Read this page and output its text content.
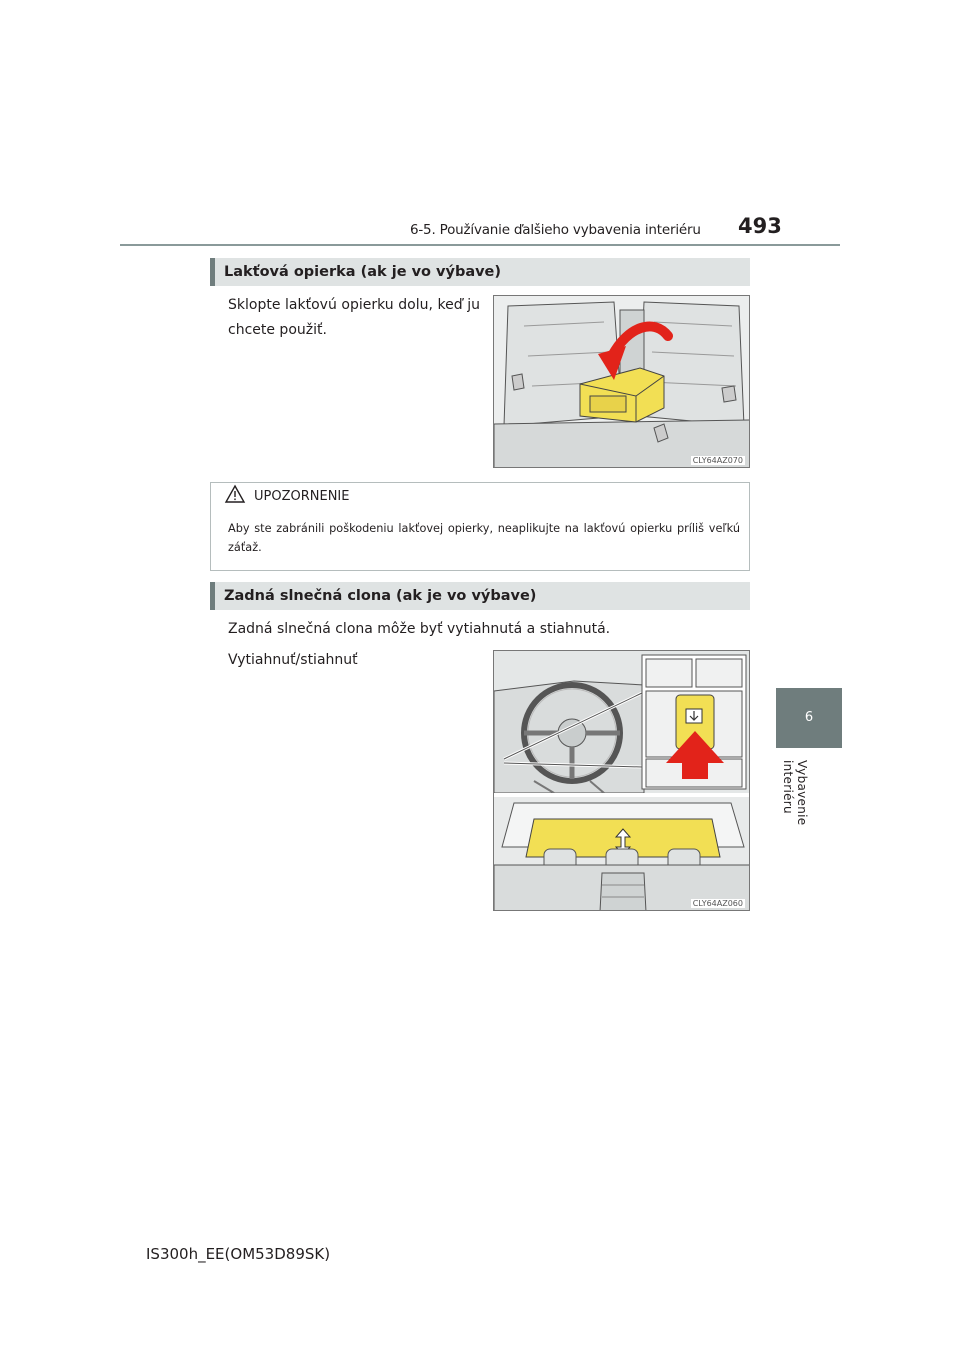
6-5. Používanie ďalšieho vybavenia interiéru 493
6
Vybavenie interiéru
Lakťová opierka (ak je vo výbave)
Sklopte lakťovú opierku dolu, keď ju chcete použiť.
CLY64AZ070
UPOZORNENIE
Aby ste zabránili poškodeniu lakťovej opierky, neaplikujte na lakťovú opierku príliš veľkú záťaž.
Zadná slnečná clona (ak je vo výbave)
Zadná slnečná clona môže byť vytiahnutá a stiahnutá.
Vytiahnuť/stiahnuť
CLY64AZ060
IS300h_EE(OM53D89SK)
